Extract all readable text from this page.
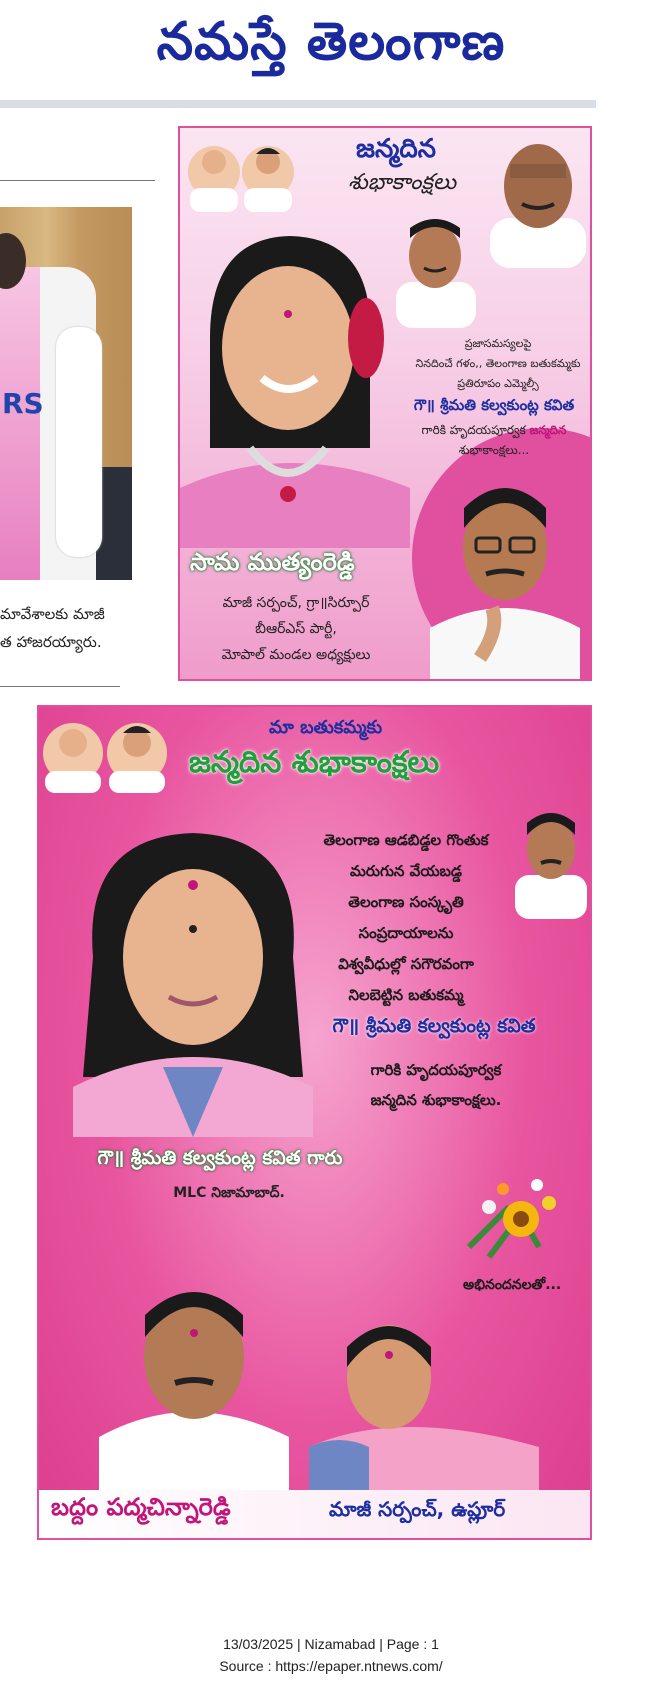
నమస్తే తెలంగాణ
RS
మావేశాలకు మాజీ
త హాజరయ్యారు.
జన్మదిన
శుభాకాంక్షలు
ప్రజాసమస్యలపై
నినదించే గళం,, తెలంగాణ బతుకమ్మకు
ప్రతిరూపం ఎమ్మెల్సీ
గౌ॥ శ్రీమతి కల్వకుంట్ల కవిత
గారికి హృదయపూర్వక జన్మదిన
శుభాకాంక్షలు...
సామ ముత్యంరెడ్డి
మాజీ సర్పంచ్, గ్రా॥సిర్పూర్
బీఆర్ఎస్ పార్టీ,
మోపాల్ మండల అధ్యక్షులు
మా బతుకమ్మకు
జన్మదిన శుభాకాంక్షలు
తెలంగాణ ఆడబిడ్డల గొంతుక
మరుగున వేయబడ్డ
తెలంగాణ సంస్కృతి
సంప్రదాయాలను
విశ్వవీధుల్లో సగౌరవంగా
నిలబెట్టిన బతుకమ్మ
గౌ॥ శ్రీమతి కల్వకుంట్ల కవిత
గారికి హృదయపూర్వక
జన్మదిన శుభాకాంక్షలు.
గౌ॥ శ్రీమతి కల్వకుంట్ల కవిత గారు
MLC నిజామాబాద్.
అభినందనలతో...
బద్దం పద్మచిన్నారెడ్డి	మాజీ సర్పంచ్, ఉప్లూర్
13/03/2025 | Nizamabad | Page : 1
Source : https://epaper.ntnews.com/
